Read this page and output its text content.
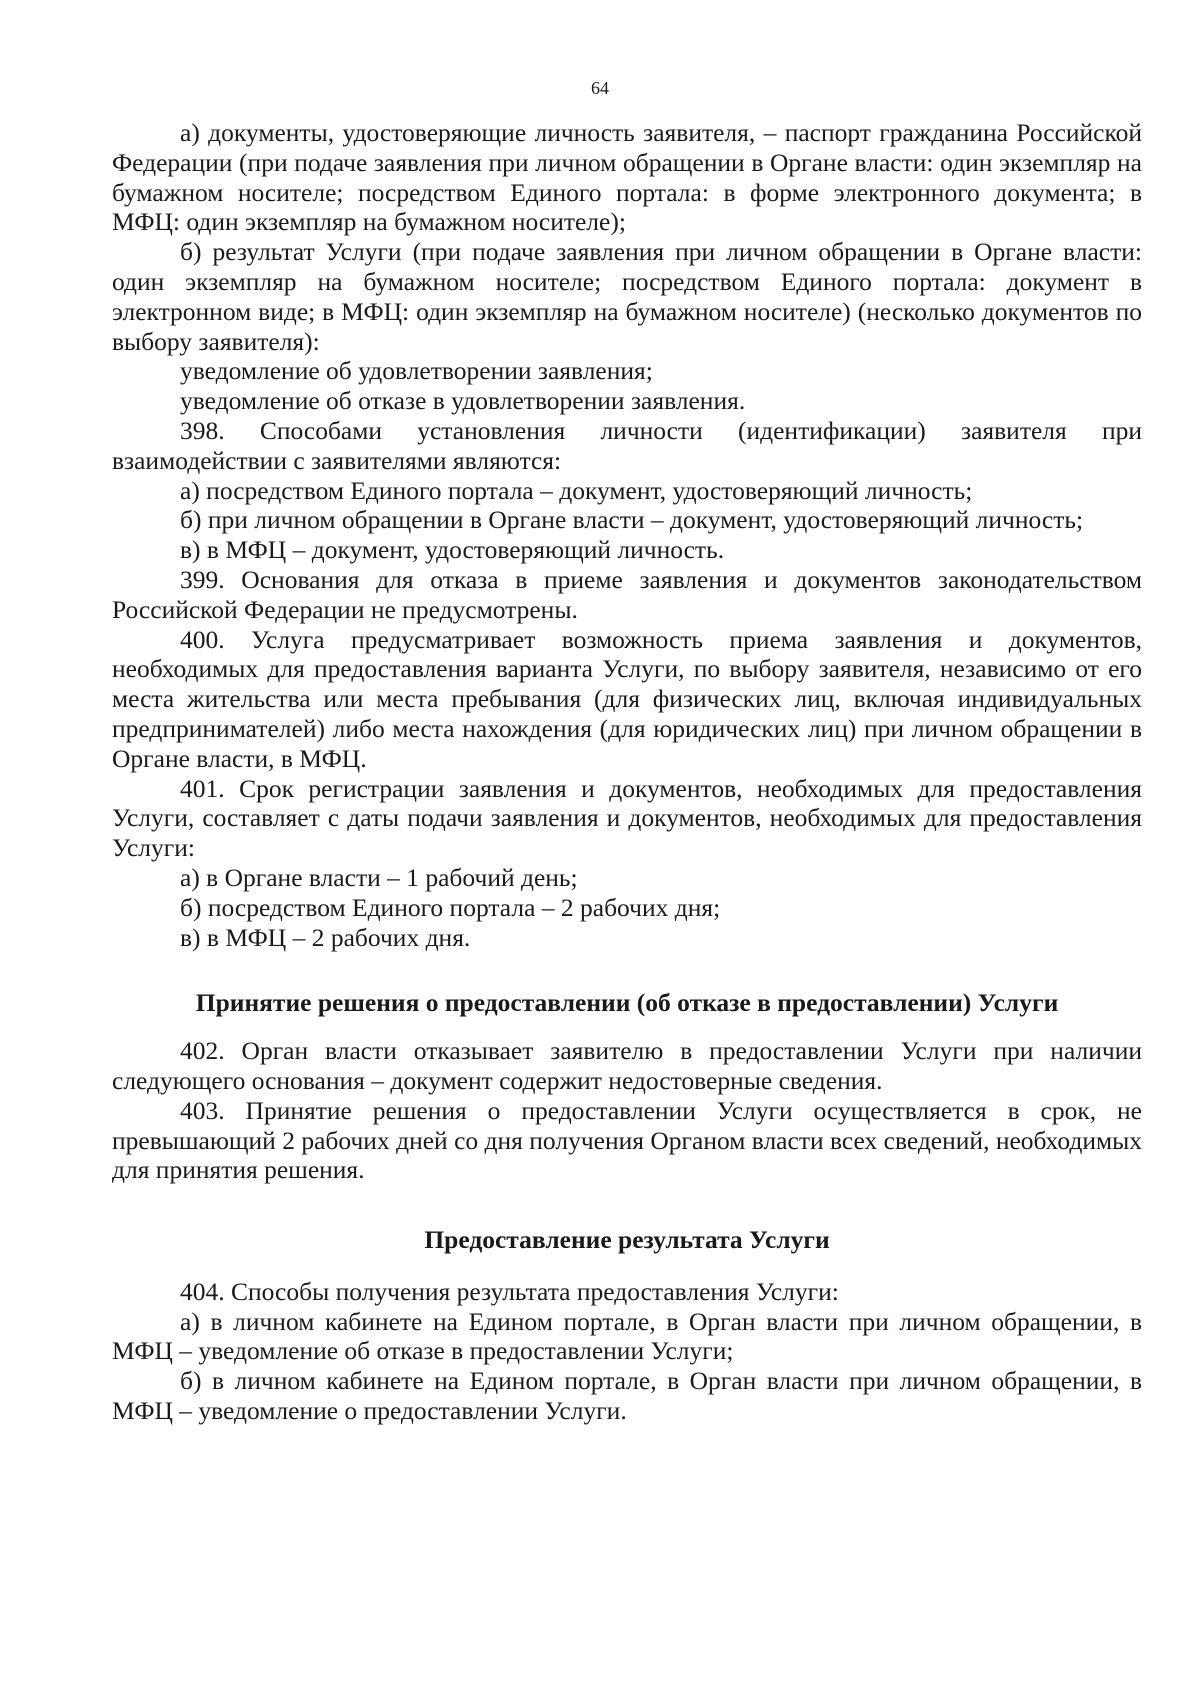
64

а) документы, удостоверяющие личность заявителя, – паспорт гражданина Российской Федерации (при подаче заявления при личном обращении в Органе власти: один экземпляр на бумажном носителе; посредством Единого портала: в форме электронного документа; в МФЦ: один экземпляр на бумажном носителе);

б) результат Услуги (при подаче заявления при личном обращении в Органе власти: один экземпляр на бумажном носителе; посредством Единого портала: документ в электронном виде; в МФЦ: один экземпляр на бумажном носителе) (несколько документов по выбору заявителя):

уведомление об удовлетворении заявления;

уведомление об отказе в удовлетворении заявления.

398. Способами установления личности (идентификации) заявителя при взаимодействии с заявителями являются:

а) посредством Единого портала – документ, удостоверяющий личность;

б) при личном обращении в Органе власти – документ, удостоверяющий личность;

в) в МФЦ – документ, удостоверяющий личность.

399. Основания для отказа в приеме заявления и документов законодательством Российской Федерации не предусмотрены.

400. Услуга предусматривает возможность приема заявления и документов, необходимых для предоставления варианта Услуги, по выбору заявителя, независимо от его места жительства или места пребывания (для физических лиц, включая индивидуальных предпринимателей) либо места нахождения (для юридических лиц) при личном обращении в Органе власти, в МФЦ.

401. Срок регистрации заявления и документов, необходимых для предоставления Услуги, составляет с даты подачи заявления и документов, необходимых для предоставления Услуги:

а) в Органе власти – 1 рабочий день;

б) посредством Единого портала – 2 рабочих дня;

в) в МФЦ – 2 рабочих дня.

Принятие решения о предоставлении (об отказе в предоставлении) Услуги

402. Орган власти отказывает заявителю в предоставлении Услуги при наличии следующего основания – документ содержит недостоверные сведения.

403. Принятие решения о предоставлении Услуги осуществляется в срок, не превышающий 2 рабочих дней со дня получения Органом власти всех сведений, необходимых для принятия решения.

Предоставление результата Услуги

404. Способы получения результата предоставления Услуги:

а) в личном кабинете на Едином портале, в Орган власти при личном обращении, в МФЦ – уведомление об отказе в предоставлении Услуги;

б) в личном кабинете на Едином портале, в Орган власти при личном обращении, в МФЦ – уведомление о предоставлении Услуги.
